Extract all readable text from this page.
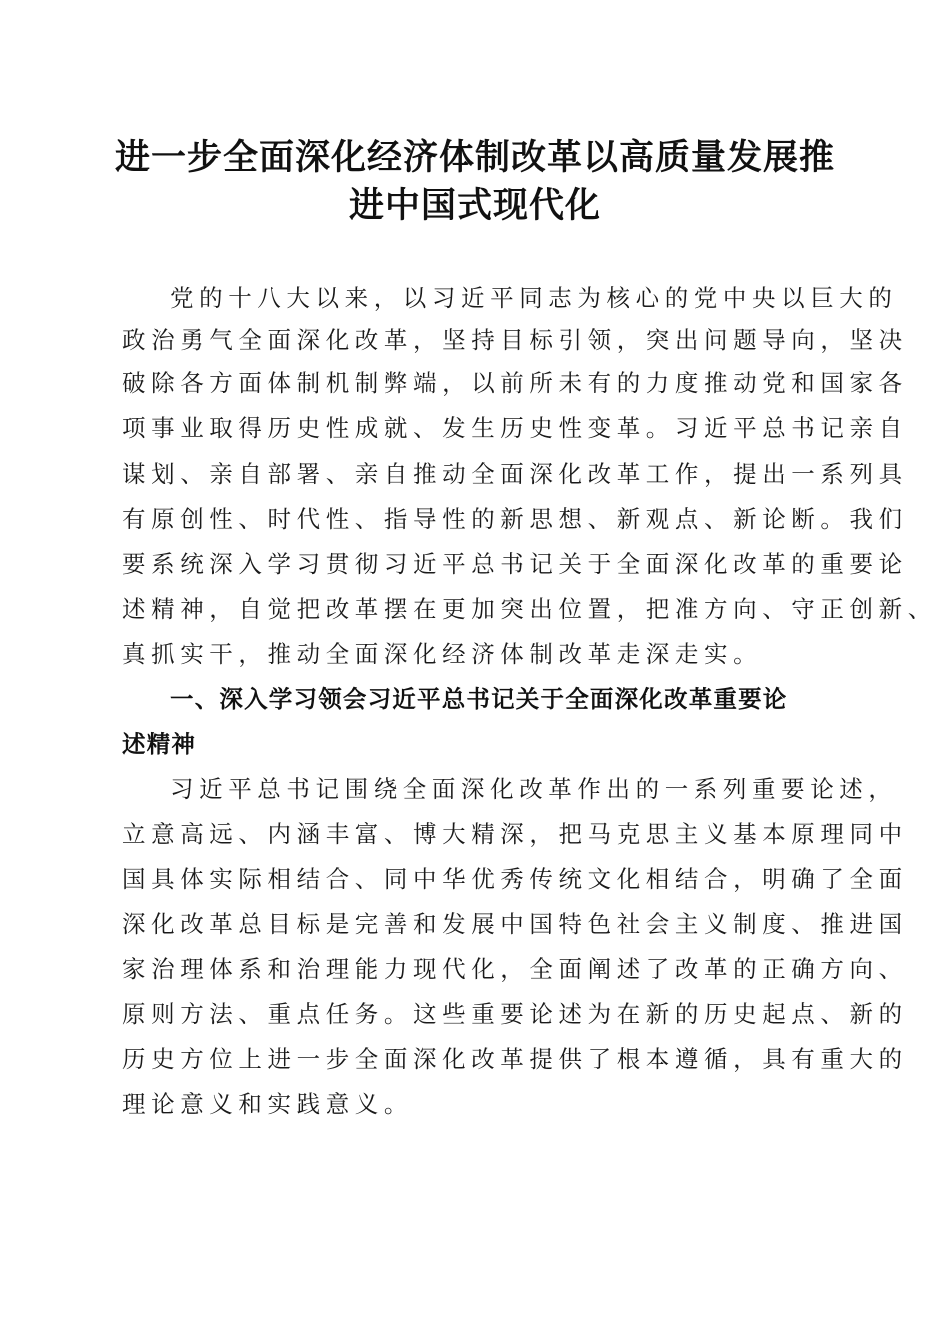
进一步全面深化经济体制改革以高质量发展推
进中国式现代化
党的十八大以来，以习近平同志为核心的党中央以巨大的
政治勇气全面深化改革，坚持目标引领，突出问题导向，坚决
破除各方面体制机制弊端，以前所未有的力度推动党和国家各
项事业取得历史性成就、发生历史性变革。习近平总书记亲自
谋划、亲自部署、亲自推动全面深化改革工作，提出一系列具
有原创性、时代性、指导性的新思想、新观点、新论断。我们
要系统深入学习贯彻习近平总书记关于全面深化改革的重要论
述精神，自觉把改革摆在更加突出位置，把准方向、守正创新、
真抓实干，推动全面深化经济体制改革走深走实。
一、深入学习领会习近平总书记关于全面深化改革重要论
述精神
习近平总书记围绕全面深化改革作出的一系列重要论述，
立意高远、内涵丰富、博大精深，把马克思主义基本原理同中
国具体实际相结合、同中华优秀传统文化相结合，明确了全面
深化改革总目标是完善和发展中国特色社会主义制度、推进国
家治理体系和治理能力现代化，全面阐述了改革的正确方向、
原则方法、重点任务。这些重要论述为在新的历史起点、新的
历史方位上进一步全面深化改革提供了根本遵循，具有重大的
理论意义和实践意义。
